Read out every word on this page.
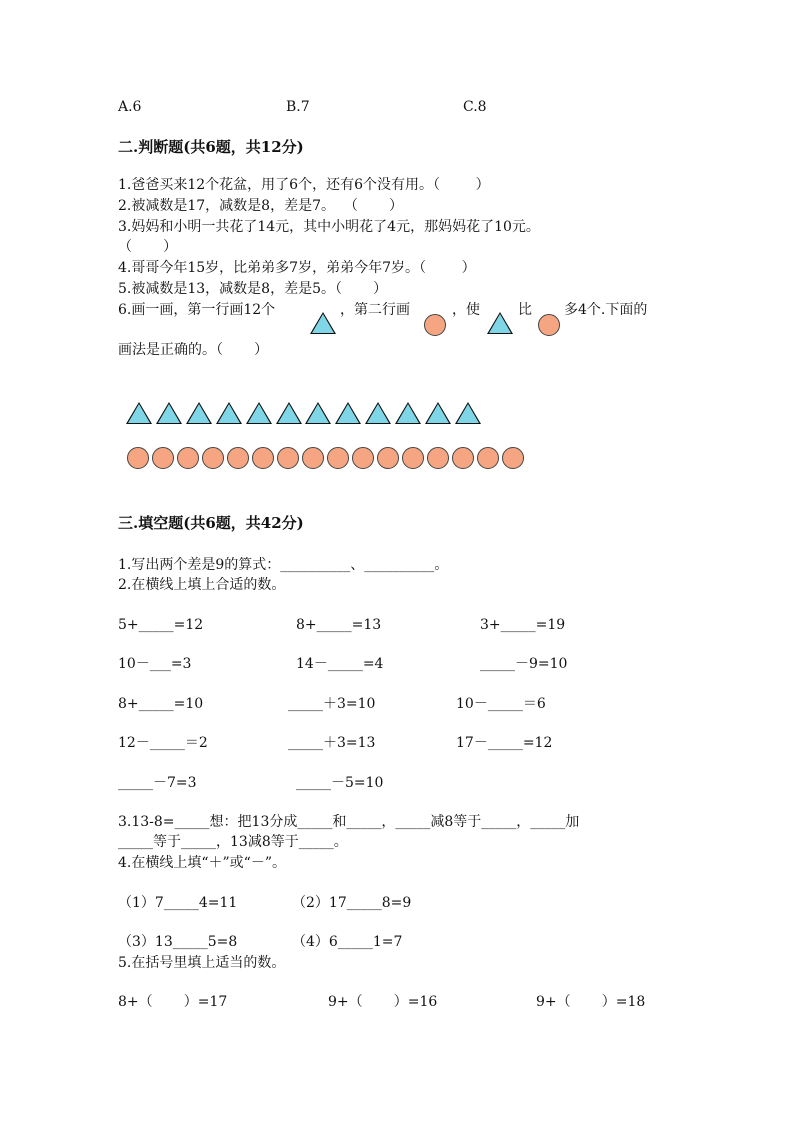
A.6	B.7	C.8
二.判断题(共6题，共12分)
1.爸爸买来12个花盆，用了6个，还有6个没有用。（        ）
2.被减数是17，减数是8，差是7。  （       ）
3.妈妈和小明一共花了14元，其中小明花了4元，那妈妈花了10元。
（       ）
4.哥哥今年15岁，比弟弟多7岁，弟弟今年7岁。（        ）
5.被减数是13，减数是8，差是5。（       ）
6.画一画，第一行画12个	，第二行画	，使	比 多4个.下面的
画法是正确的。（       ）
三.填空题(共6题，共42分)
1.写出两个差是9的算式：__________、__________。
2.在横线上填上合适的数。
3.13-8=_____想：把13分成_____和_____，_____减8等于_____，_____加
_____等于_____，13减8等于_____。
4.在横线上填“＋”或“－”。
（1）7_____4=11	（2）17_____8=9
（3）13_____5=8	（4）6_____1=7
5.在括号里填上适当的数。
8+（       ）=17	9+（       ）=16	9+（       ）=18
5+_____=12	8+_____=13	3+_____=19
10－___=3	14－_____=4	_____－9=10
8+_____=10	_____＋3=10	10－_____＝6
12－_____＝2	_____＋3=13	17－_____=12
_____－7=3	_____－5=10
